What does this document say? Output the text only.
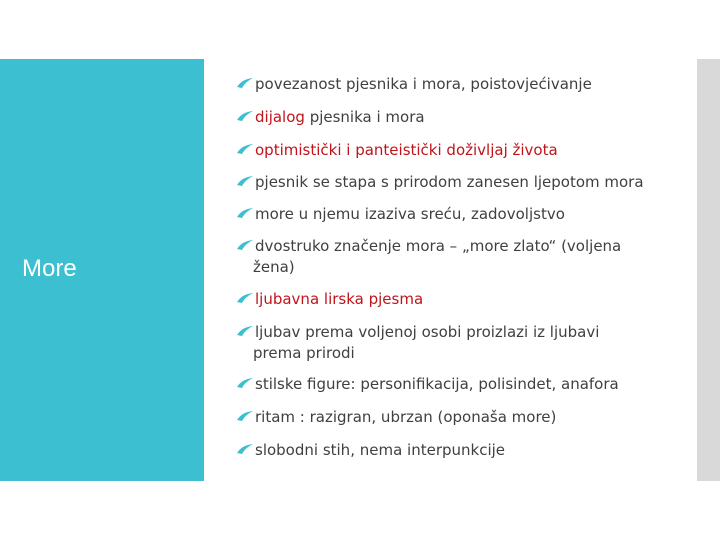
More
povezanost pjesnika i mora, poistovjećivanje
dijalog pjesnika i mora
optimistički i panteistički doživljaj života
pjesnik se stapa s prirodom zanesen ljepotom mora
more u njemu izaziva sreću, zadovoljstvo
dvostruko značenje mora – „more zlato“ (voljena žena)
ljubavna lirska pjesma
ljubav prema voljenoj osobi proizlazi iz ljubavi prema prirodi
stilske figure: personifikacija, polisindet, anafora
ritam : razigran, ubrzan (oponaša more)
slobodni stih, nema interpunkcije
